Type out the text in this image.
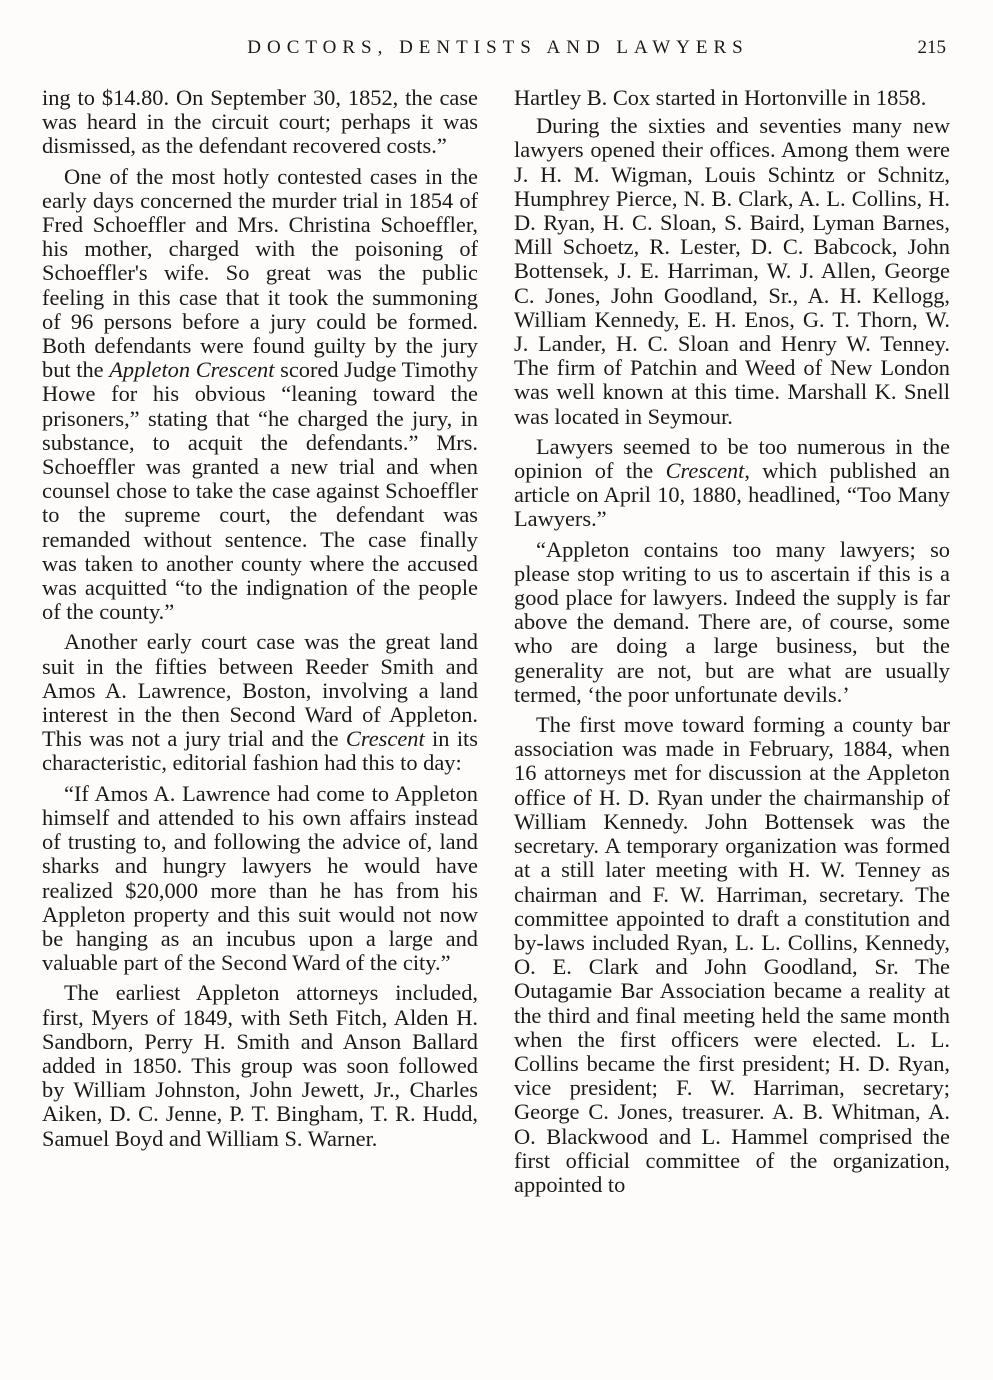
DOCTORS, DENTISTS AND LAWYERS	215

ing to $14.80. On September 30, 1852, the case was heard in the circuit court; perhaps it was dismissed, as the defendant recovered costs.”

One of the most hotly contested cases in the early days concerned the murder trial in 1854 of Fred Schoeffler and Mrs. Christina Schoeffler, his mother, charged with the poisoning of Schoeffler's wife. So great was the public feeling in this case that it took the summoning of 96 persons before a jury could be formed. Both defendants were found guilty by the jury but the Appleton Crescent scored Judge Timothy Howe for his obvious “leaning toward the prisoners,” stating that “he charged the jury, in substance, to acquit the defendants.” Mrs. Schoeffler was granted a new trial and when counsel chose to take the case against Schoeffler to the supreme court, the defendant was remanded without sentence. The case finally was taken to another county where the accused was acquitted “to the indignation of the people of the county.”

Another early court case was the great land suit in the fifties between Reeder Smith and Amos A. Lawrence, Boston, involving a land interest in the then Second Ward of Appleton. This was not a jury trial and the Crescent in its characteristic, editorial fashion had this to day:

“If Amos A. Lawrence had come to Appleton himself and attended to his own affairs instead of trusting to, and following the advice of, land sharks and hungry lawyers he would have realized $20,000 more than he has from his Appleton property and this suit would not now be hanging as an incubus upon a large and valuable part of the Second Ward of the city.”

The earliest Appleton attorneys included, first, Myers of 1849, with Seth Fitch, Alden H. Sandborn, Perry H. Smith and Anson Ballard added in 1850. This group was soon followed by William Johnston, John Jewett, Jr., Charles Aiken, D. C. Jenne, P. T. Bingham, T. R. Hudd, Samuel Boyd and William S. Warner.

Hartley B. Cox started in Hortonville in 1858.

During the sixties and seventies many new lawyers opened their offices. Among them were J. H. M. Wigman, Louis Schintz or Schnitz, Humphrey Pierce, N. B. Clark, A. L. Collins, H. D. Ryan, H. C. Sloan, S. Baird, Lyman Barnes, Mill Schoetz, R. Lester, D. C. Babcock, John Bottensek, J. E. Harriman, W. J. Allen, George C. Jones, John Goodland, Sr., A. H. Kellogg, William Kennedy, E. H. Enos, G. T. Thorn, W. J. Lander, H. C. Sloan and Henry W. Tenney. The firm of Patchin and Weed of New London was well known at this time. Marshall K. Snell was located in Seymour.

Lawyers seemed to be too numerous in the opinion of the Crescent, which published an article on April 10, 1880, headlined, “Too Many Lawyers.”

“Appleton contains too many lawyers; so please stop writing to us to ascertain if this is a good place for lawyers. Indeed the supply is far above the demand. There are, of course, some who are doing a large business, but the generality are not, but are what are usually termed, ‘the poor unfortunate devils.’

The first move toward forming a county bar association was made in February, 1884, when 16 attorneys met for discussion at the Appleton office of H. D. Ryan under the chairmanship of William Kennedy. John Bottensek was the secretary. A temporary organization was formed at a still later meeting with H. W. Tenney as chairman and F. W. Harriman, secretary. The committee appointed to draft a constitution and by-laws included Ryan, L. L. Collins, Kennedy, O. E. Clark and John Goodland, Sr. The Outagamie Bar Association became a reality at the third and final meeting held the same month when the first officers were elected. L. L. Collins became the first president; H. D. Ryan, vice president; F. W. Harriman, secretary; George C. Jones, treasurer. A. B. Whitman, A. O. Blackwood and L. Hammel comprised the first official committee of the organization, appointed to
